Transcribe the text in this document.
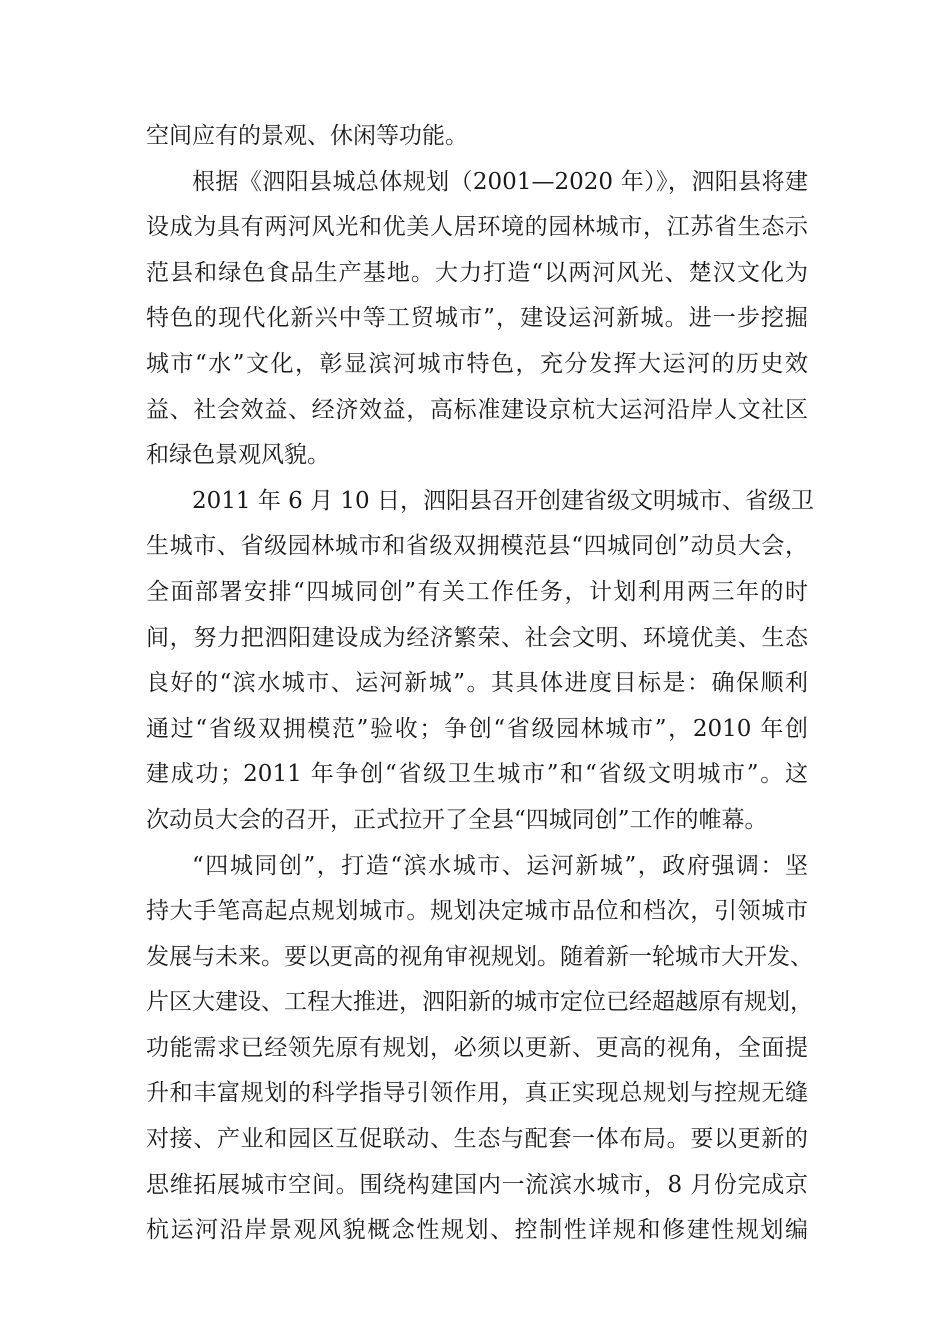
空间应有的景观、休闲等功能。
根据《泗阳县城总体规划（2001—2020 年）》，泗阳县将建
设成为具有两河风光和优美人居环境的园林城市，江苏省生态示
范县和绿色食品生产基地。大力打造“以两河风光、楚汉文化为
特色的现代化新兴中等工贸城市”，建设运河新城。进一步挖掘
城市“水”文化，彰显滨河城市特色，充分发挥大运河的历史效
益、社会效益、经济效益，高标准建设京杭大运河沿岸人文社区
和绿色景观风貌。
2011 年 6 月 10 日，泗阳县召开创建省级文明城市、省级卫
生城市、省级园林城市和省级双拥模范县“四城同创”动员大会，
全面部署安排“四城同创”有关工作任务，计划利用两三年的时
间，努力把泗阳建设成为经济繁荣、社会文明、环境优美、生态
良好的“滨水城市、运河新城”。其具体进度目标是：确保顺利
通过“省级双拥模范”验收；争创“省级园林城市”，2010 年创
建成功；2011 年争创“省级卫生城市”和“省级文明城市”。这
次动员大会的召开，正式拉开了全县“四城同创”工作的帷幕。
“四城同创”，打造“滨水城市、运河新城”，政府强调：坚
持大手笔高起点规划城市。规划决定城市品位和档次，引领城市
发展与未来。要以更高的视角审视规划。随着新一轮城市大开发、
片区大建设、工程大推进，泗阳新的城市定位已经超越原有规划，
功能需求已经领先原有规划，必须以更新、更高的视角，全面提
升和丰富规划的科学指导引领作用，真正实现总规划与控规无缝
对接、产业和园区互促联动、生态与配套一体布局。要以更新的
思维拓展城市空间。围绕构建国内一流滨水城市，8 月份完成京
杭运河沿岸景观风貌概念性规划、控制性详规和修建性规划编
